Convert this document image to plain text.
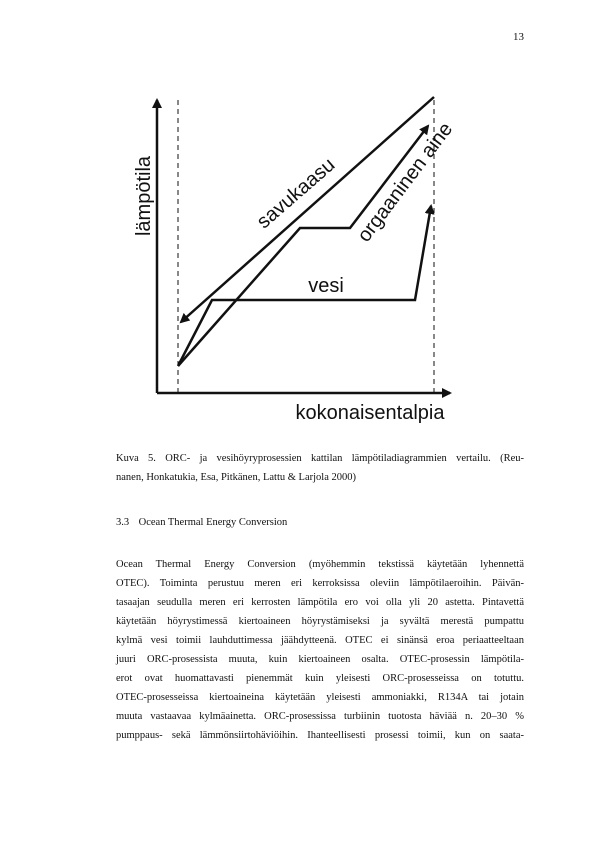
13
lämpötila
kokonaisentalpia
savukaasu orgaaninen aine
vesi
Kuva 5. ORC- ja vesihöyryprosessien kattilan lämpötiladiagrammien vertailu. (Reu-
nanen, Honkatukia, Esa, Pitkänen, Lattu & Larjola 2000)
3.3 Ocean Thermal Energy Conversion
Ocean Thermal Energy Conversion (myöhemmin tekstissä käytetään lyhennettä
OTEC). Toiminta perustuu meren eri kerroksissa oleviin lämpötilaeroihin. Päivän-
tasaajan seudulla meren eri kerrosten lämpötila ero voi olla yli 20 astetta. Pintavettä
käytetään höyrystimessä kiertoaineen höyrystämiseksi ja syvältä merestä pumpattu
kylmä vesi toimii lauhduttimessa jäähdytteenä. OTEC ei sinänsä eroa periaatteeltaan
juuri ORC-prosessista muuta, kuin kiertoaineen osalta. OTEC-prosessin lämpötila-
erot ovat huomattavasti pienemmät kuin yleisesti ORC-prosesseissa on totuttu.
OTEC-prosesseissa kiertoaineina käytetään yleisesti ammoniakki, R134A tai jotain
muuta vastaavaa kylmäainetta. ORC-prosessissa turbiinin tuotosta häviää n. 20–30 %
pumppaus- sekä lämmönsiirtohäviöihin. Ihanteellisesti prosessi toimii, kun on saata-
